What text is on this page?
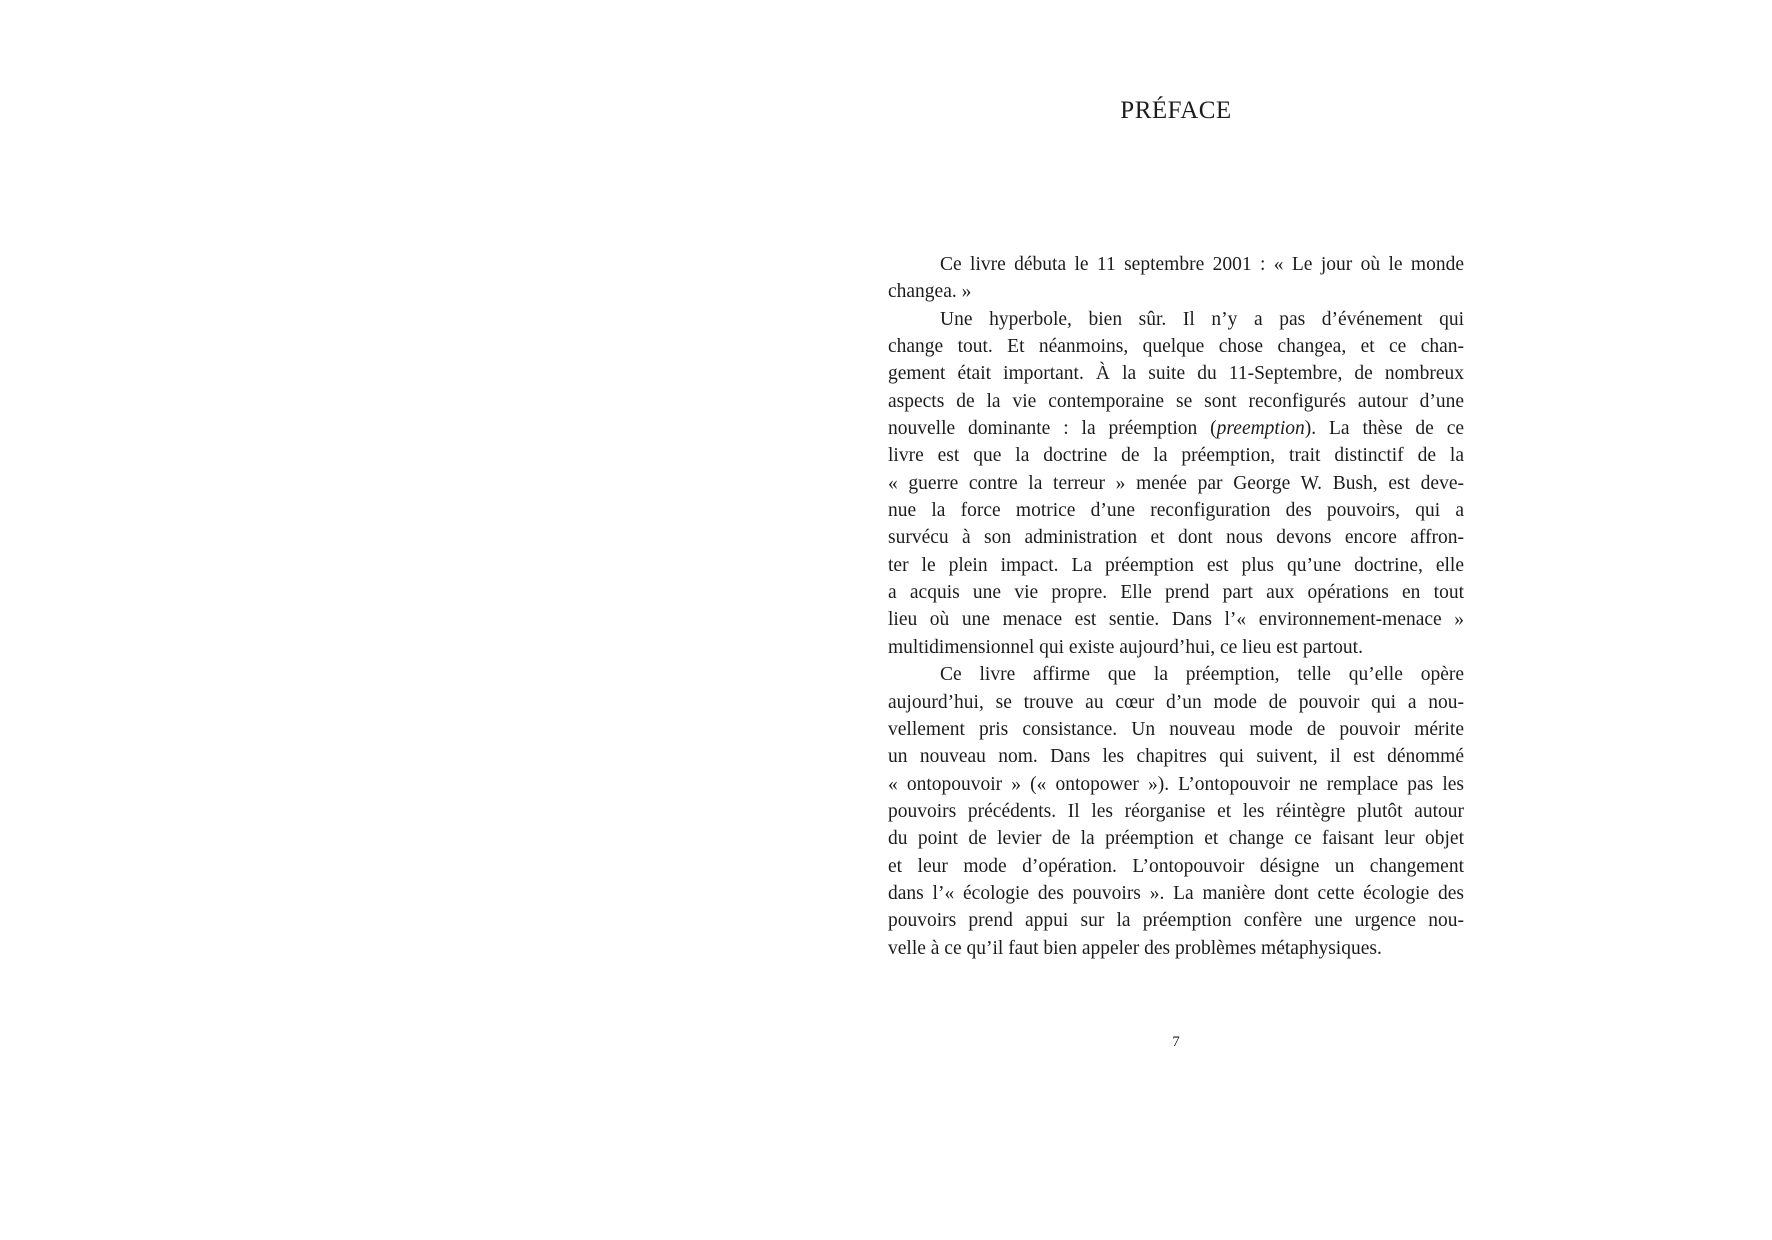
PRÉFACE
Ce livre débuta le 11 septembre 2001 : « Le jour où le monde
changea. »
Une hyperbole, bien sûr. Il n’y a pas d’événement qui
change tout. Et néanmoins, quelque chose changea, et ce chan-
gement était important. À la suite du 11-Septembre, de nombreux
aspects de la vie contemporaine se sont reconfigurés autour d’une
nouvelle dominante : la préemption (preemption). La thèse de ce
livre est que la doctrine de la préemption, trait distinctif de la
« guerre contre la terreur » menée par George W. Bush, est deve-
nue la force motrice d’une reconfiguration des pouvoirs, qui a
survécu à son administration et dont nous devons encore affron-
ter le plein impact. La préemption est plus qu’une doctrine, elle
a acquis une vie propre. Elle prend part aux opérations en tout
lieu où une menace est sentie. Dans l’« environnement-menace »
multidimensionnel qui existe aujourd’hui, ce lieu est partout.
Ce livre affirme que la préemption, telle qu’elle opère
aujourd’hui, se trouve au cœur d’un mode de pouvoir qui a nou-
vellement pris consistance. Un nouveau mode de pouvoir mérite
un nouveau nom. Dans les chapitres qui suivent, il est dénommé
« ontopouvoir » (« ontopower »). L’ontopouvoir ne remplace pas les
pouvoirs précédents. Il les réorganise et les réintègre plutôt autour
du point de levier de la préemption et change ce faisant leur objet
et leur mode d’opération. L’ontopouvoir désigne un changement
dans l’« écologie des pouvoirs ». La manière dont cette écologie des
pouvoirs prend appui sur la préemption confère une urgence nou-
velle à ce qu’il faut bien appeler des problèmes métaphysiques.
7
